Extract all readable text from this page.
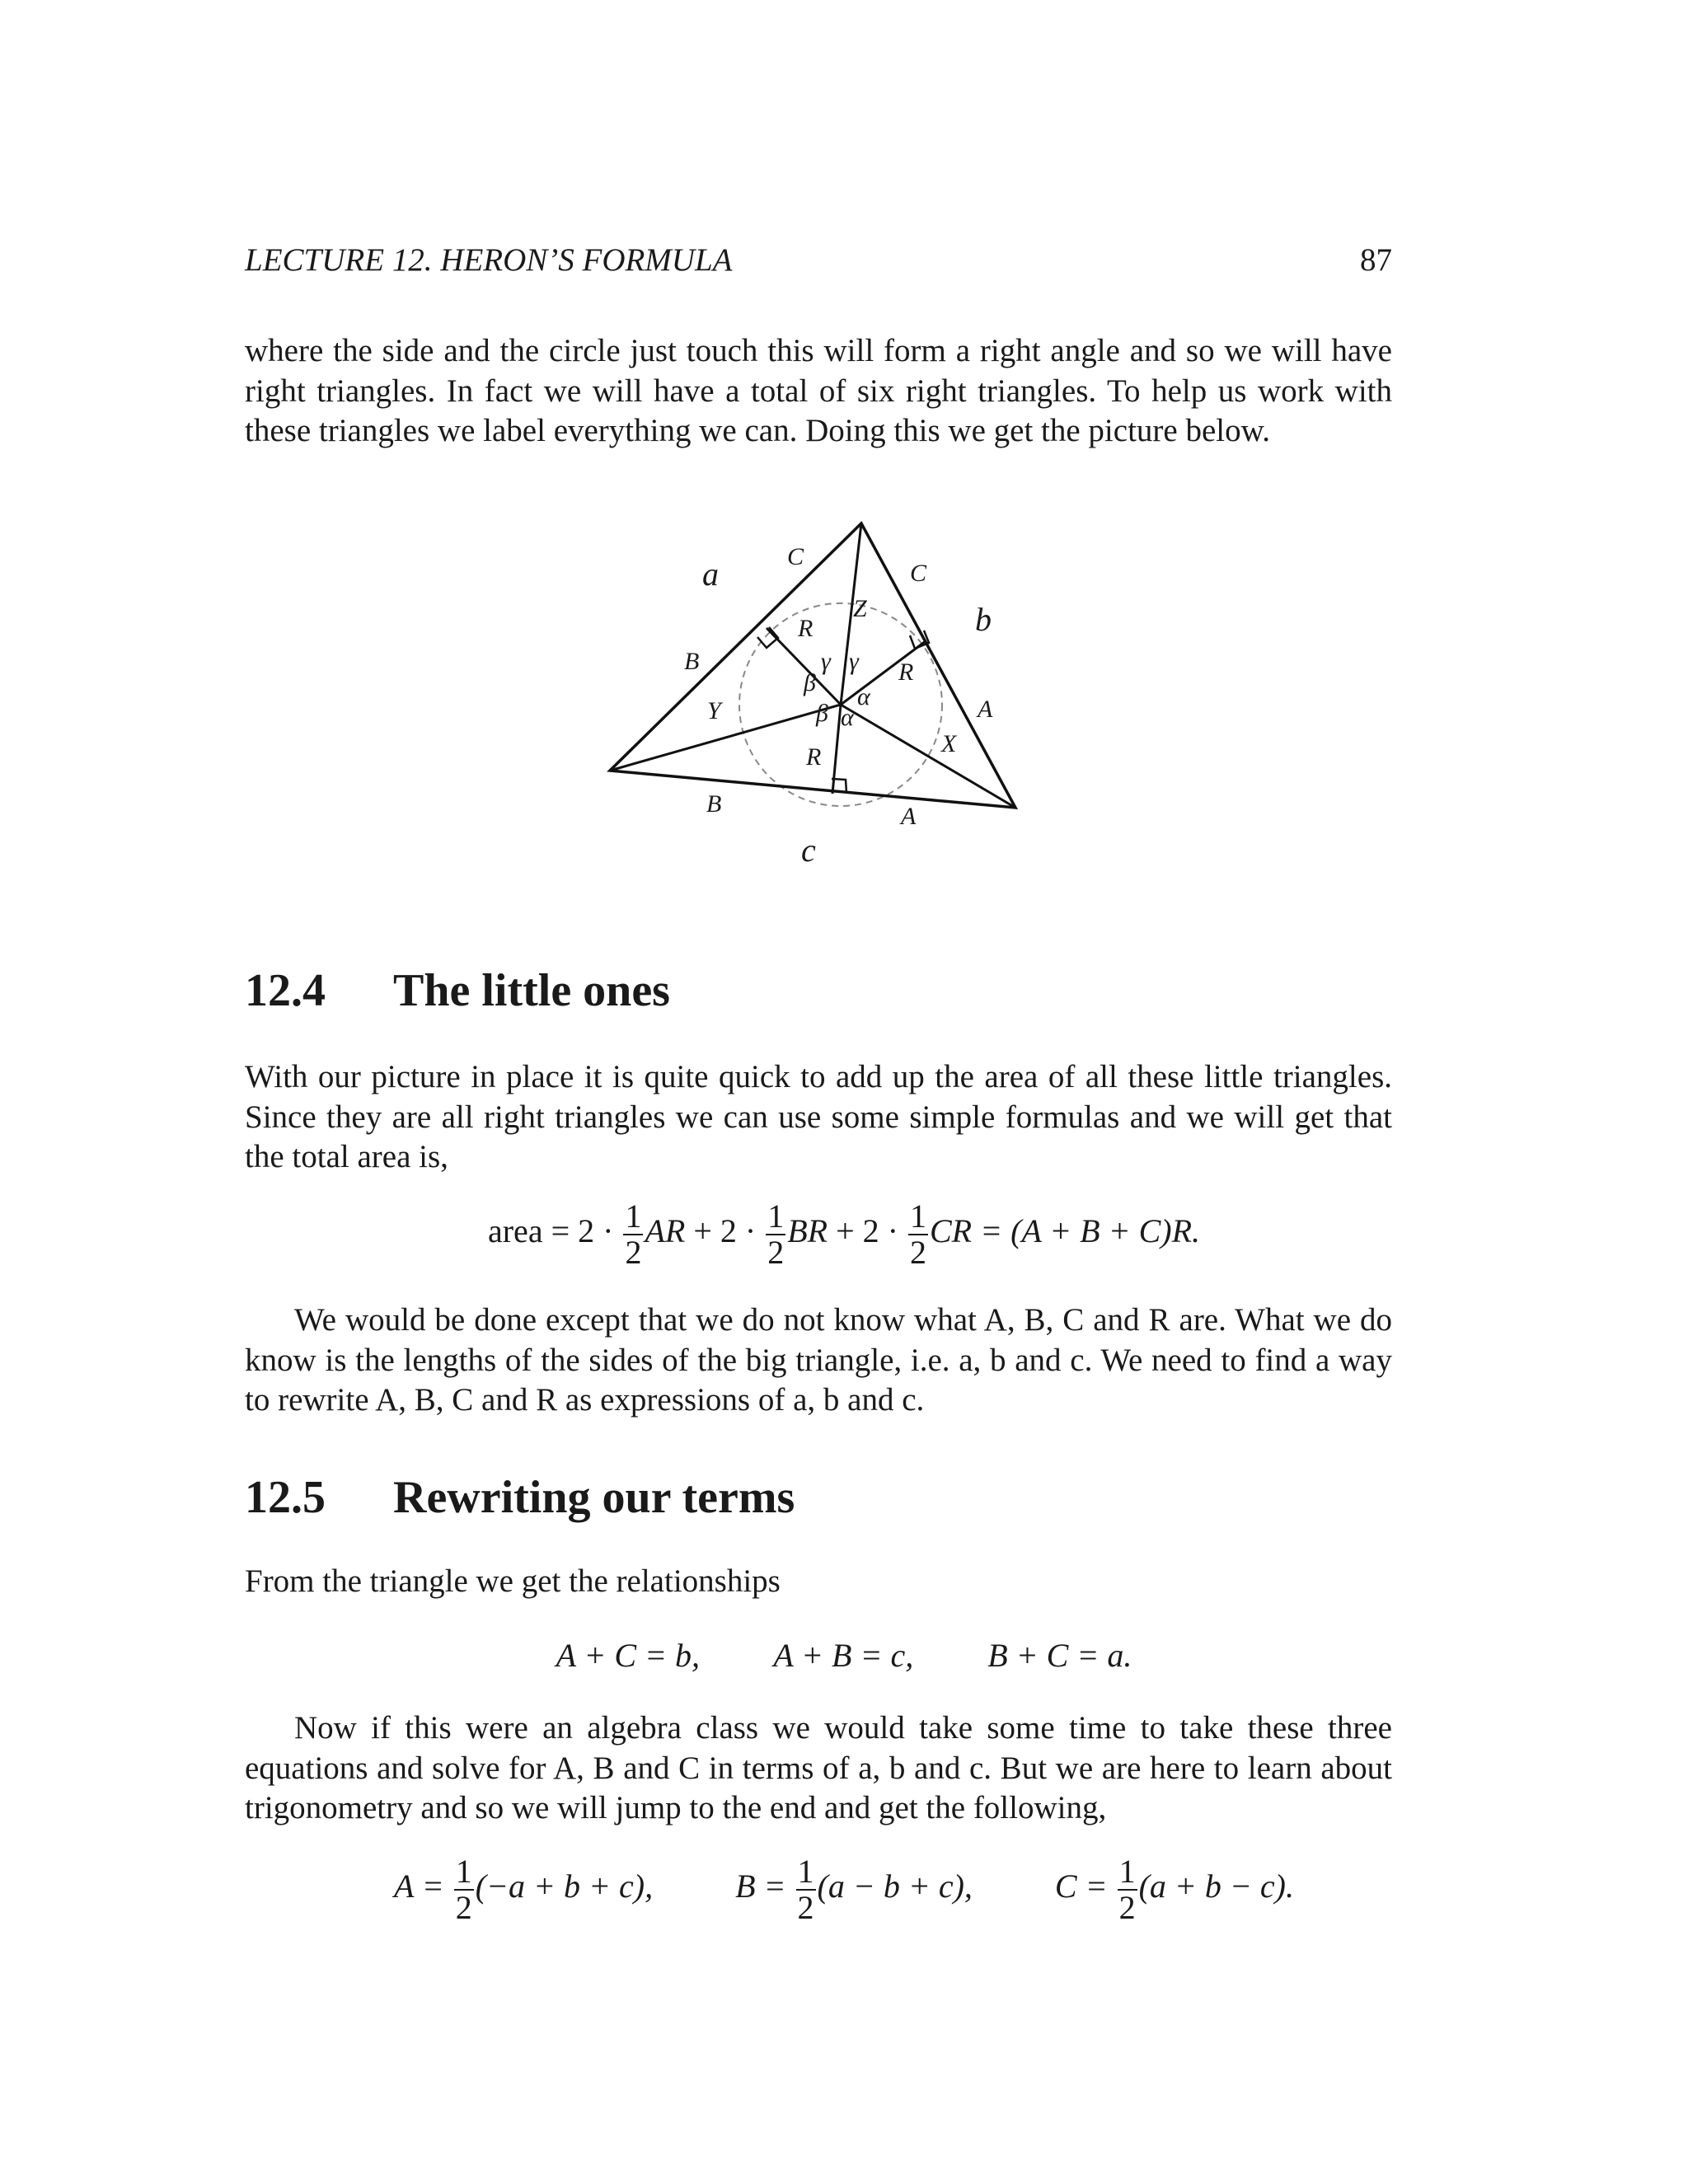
LECTURE 12. HERON’S FORMULA	87

where the side and the circle just touch this will form a right angle and so we will have right triangles. In fact we will have a total of six right triangles. To help us work with these triangles we label everything we can. Doing this we get the picture below.

a
b
c
C
C
B
B
A
A
Y
X
Z
R
R
R
γ γ
β
β
α
α
12.4 The little ones

With our picture in place it is quite quick to add up the area of all these little triangles. Since they are all right triangles we can use some simple formulas and we will get that the total area is,

area = $2 \cdot \frac{1}{2}$ AR + $2 \cdot \frac{1}{2}$ BR + $2 \cdot \frac{1}{2}$ CR = (A + B + C)R.

We would be done except that we do not know what A, B, C and R are. What we do know is the lengths of the sides of the big triangle, i.e. a, b and c. We need to find a way to rewrite A, B, C and R as expressions of a, b and c.

12.5 Rewriting our terms

From the triangle we get the relationships

A + C = b, A + B = c, B + C = a.

Now if this were an algebra class we would take some time to take these three equations and solve for A, B and C in terms of a, b and c. But we are here to learn about trigonometry and so we will jump to the end and get the following,

$A = \frac{1}{2} (-a + b + c)$,	$B = \frac{1}{2} (a - b + c)$,	$C = \frac{1}{2} (a + b - c)$.
